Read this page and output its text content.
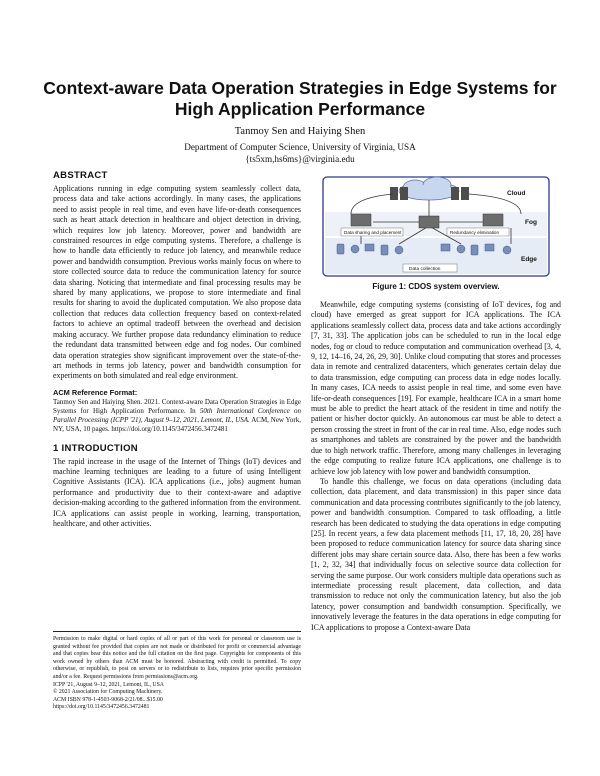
Context-aware Data Operation Strategies in Edge Systems for High Application Performance
Tanmoy Sen and Haiying Shen
Department of Computer Science, University of Virginia, USA
{ts5xm,hs6ms}@virginia.edu
ABSTRACT

Applications running in edge computing system seamlessly collect data, process data and take actions accordingly. In many cases, the applications need to assist people in real time, and even have life-or-death consequences such as heart attack detection in healthcare and object detection in driving, which requires low job latency. Moreover, power and bandwidth are constrained resources in edge computing systems. Therefore, a challenge is how to handle data efficiently to reduce job latency, and meanwhile reduce power and bandwidth consumption. Previous works mainly focus on where to store collected source data to reduce the communication latency for source data sharing. Noticing that intermediate and final processing results may be shared by many applications, we propose to store intermediate and final results for sharing to avoid the duplicated computation. We also propose data collection that reduces data collection frequency based on context-related factors to achieve an optimal tradeoff between the overhead and decision making accuracy. We further propose data redundancy elimination to reduce the redundant data transmitted between edge and fog nodes. Our combined data operation strategies show significant improvement over the state-of-the-art methods in terms job latency, power and bandwidth consumption for experiments on both simulated and real edge environment.

ACM Reference Format:

Tanmoy Sen and Haiying Shen. 2021. Context-aware Data Operation Strategies in Edge Systems for High Application Performance. In 50th International Conference on Parallel Processing (ICPP '21), August 9–12, 2021, Lemont, IL, USA. ACM, New York, NY, USA, 10 pages. https://doi.org/10.1145/3472456.3472481

1 INTRODUCTION

The rapid increase in the usage of the Internet of Things (IoT) devices and machine learning techniques are leading to a future of using Intelligent Cognitive Assistants (ICA). ICA applications (i.e., jobs) augment human performance and productivity due to their context-aware and adaptive decision-making according to the gathered information from the environment. ICA applications can assist people in working, learning, transportation, healthcare, and other activities.

Permission to make digital or hard copies of all or part of this work for personal or classroom use is granted without fee provided that copies are not made or distributed for profit or commercial advantage and that copies bear this notice and the full citation on the first page. Copyrights for components of this work owned by others than ACM must be honored. Abstracting with credit is permitted. To copy otherwise, or republish, to post on servers or to redistribute to lists, requires prior specific permission and/or a fee. Request permissions from permissions@acm.org.

ICPP '21, August 9–12, 2021, Lemont, IL, USA

© 2021 Association for Computing Machinery.

ACM ISBN 978-1-4503-9068-2/21/08...$15.00

https://doi.org/10.1145/3472456.3472481

Cloud
Fog
Data sharing and placement	Redundancy elimination
Edge
Data collection
Figure 1: CDOS system overview.

Meanwhile, edge computing systems (consisting of IoT devices, fog and cloud) have emerged as great support for ICA applications. The ICA applications seamlessly collect data, process data and take actions accordingly [7, 31, 33]. The application jobs can be scheduled to run in the local edge nodes, fog or cloud to reduce computation and communication overhead [3, 4, 9, 12, 14–16, 24, 26, 29, 30]. Unlike cloud computing that stores and processes data in remote and centralized datacenters, which generates certain delay due to data transmission, edge computing can process data in edge nodes locally. In many cases, ICA needs to assist people in real time, and some even have life-or-death consequences [19]. For example, healthcare ICA in a smart home must be able to predict the heart attack of the resident in time and notify the patient or his/her doctor quickly. An autonomous car must be able to detect a person crossing the street in front of the car in real time. Also, edge nodes such as smartphones and tablets are constrained by the power and the bandwidth due to high network traffic. Therefore, among many challenges in leveraging the edge computing to realize future ICA applications, one challenge is to achieve low job latency with low power and bandwidth consumption.

To handle this challenge, we focus on data operations (including data collection, data placement, and data transmission) in this paper since data communication and data processing contributes significantly to the job latency, power and bandwidth consumption. Compared to task offloading, a little research has been dedicated to studying the data operations in edge computing [25]. In recent years, a few data placement methods [11, 17, 18, 20, 28] have been proposed to reduce communication latency for source data sharing since different jobs may share certain source data. Also, there has been a few works [1, 2, 32, 34] that individually focus on selective source data collection for serving the same purpose. Our work considers multiple data operations such as intermediate processing result placement, data collection, and data transmission to reduce not only the communication latency, but also the job latency, power consumption and bandwidth consumption. Specifically, we innovatively leverage the features in the data operations in edge computing for ICA applications to propose a Context-aware Data
